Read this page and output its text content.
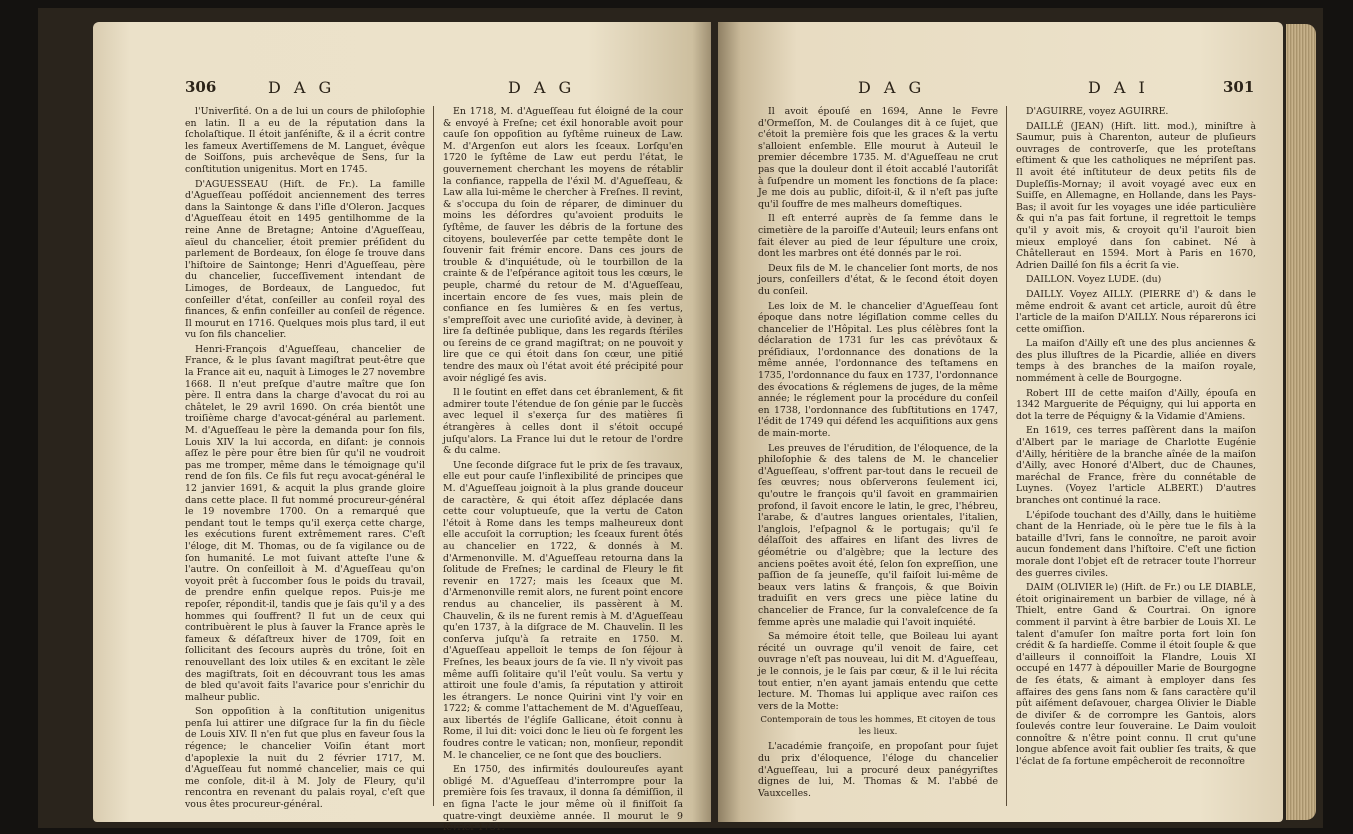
306	D A G	D A G

l'Univerſité. On a de lui un cours de philoſophie en latin. Il a eu de la réputation dans la ſcholaſtique. Il étoit janſéniſte, & il a écrit contre les fameux Avertiſſemens de M. Languet, évêque de Soiſſons, puis archevêque de Sens, ſur la conſtitution unigenitus. Mort en 1745.

D'AGUESSEAU (Hiſt. de Fr.). La famille d'Agueſſeau poſſédoit anciennement des terres dans la Saintonge & dans l'iſle d'Oleron. Jacques d'Agueſſeau étoit en 1495 gentilhomme de la reine Anne de Bretagne; Antoine d'Agueſſeau, aïeul du chancelier, étoit premier préſident du parlement de Bordeaux, ſon éloge ſe trouve dans l'hiſtoire de Saintonge; Henri d'Agueſſeau, père du chancelier, ſucceſſivement intendant de Limoges, de Bordeaux, de Languedoc, fut conſeiller d'état, conſeiller au conſeil royal des finances, & enfin conſeiller au conſeil de régence. Il mourut en 1716. Quelques mois plus tard, il eut vu ſon fils chancelier.

Henri-François d'Agueſſeau, chancelier de France, & le plus ſavant magiſtrat peut-être que la France ait eu, naquit à Limoges le 27 novembre 1668. Il n'eut preſque d'autre maître que ſon père. Il entra dans la charge d'avocat du roi au châtelet, le 29 avril 1690. On créa bientôt une troiſième charge d'avocat-général au parlement. M. d'Agueſſeau le père la demanda pour ſon fils, Louis XIV la lui accorda, en diſant: je connois aſſez le père pour être bien ſûr qu'il ne voudroit pas me tromper, même dans le témoignage qu'il rend de ſon fils. Ce fils fut reçu avocat-général le 12 janvier 1691, & acquit la plus grande gloire dans cette place. Il fut nommé procureur-général le 19 novembre 1700. On a remarqué que pendant tout le temps qu'il exerça cette charge, les exécutions furent extrêmement rares. C'eſt l'éloge, dit M. Thomas, ou de ſa vigilance ou de ſon humanité. Le mot ſuivant atteſte l'une & l'autre. On conſeilloit à M. d'Agueſſeau qu'on voyoit prêt à ſuccomber ſous le poids du travail, de prendre enfin quelque repos. Puis-je me repoſer, répondit-il, tandis que je ſais qu'il y a des hommes qui ſouffrent? Il fut un de ceux qui contribuèrent le plus à ſauver la France après le fameux & déſaſtreux hiver de 1709, ſoit en ſollicitant des ſecours auprès du trône, ſoit en renouvellant des loix utiles & en excitant le zèle des magiſtrats, ſoit en découvrant tous les amas de bled qu'avoit faits l'avarice pour s'enrichir du malheur public.

Son oppoſition à la conſtitution unigenitus penſa lui attirer une diſgrace ſur la fin du ſiècle de Louis XIV. Il n'en fut que plus en faveur ſous la régence; le chancelier Voiſin étant mort d'apoplexie la nuit du 2 février 1717, M. d'Agueſſeau fut nommé chancelier, mais ce qui me conſole, dit-il à M. Joly de Fleury, qu'il rencontra en revenant du palais royal, c'eſt que vous êtes procureur-général.

En 1718, M. d'Agueſſeau fut éloigné de la cour & envoyé à Freſne; cet éxil honorable avoit pour cauſe ſon oppoſition au ſyſtême ruineux de Law. M. d'Argenſon eut alors les ſceaux. Lorſqu'en 1720 le ſyſtême de Law eut perdu l'état, le gouvernement cherchant les moyens de rétablir la confiance, rappella de l'éxil M. d'Agueſſeau, & Law alla lui-même le chercher à Freſnes. Il revint, & s'occupa du ſoin de réparer, de diminuer du moins les déſordres qu'avoient produits le ſyſtême, de ſauver les débris de la fortune des citoyens, bouleverſée par cette tempête dont le ſouvenir fait frémir encore. Dans ces jours de trouble & d'inquiétude, où le tourbillon de la crainte & de l'eſpérance agitoit tous les cœurs, le peuple, charmé du retour de M. d'Agueſſeau, incertain encore de ſes vues, mais plein de confiance en ſes lumières & en ſes vertus, s'empreſſoit avec une curioſité avide, à deviner, à lire ſa deſtinée publique, dans les regards ſtériles ou ſereins de ce grand magiſtrat; on ne pouvoit y lire que ce qui étoit dans ſon cœur, une pitié tendre des maux où l'état avoit été précipité pour avoir négligé ſes avis.

Il le ſoutint en effet dans cet ébranlement, & fit admirer toute l'étendue de ſon génie par le ſuccès avec lequel il s'exerça ſur des matières ſi étrangères à celles dont il s'étoit occupé juſqu'alors. La France lui dut le retour de l'ordre & du calme.

Une ſeconde diſgrace fut le prix de ſes travaux, elle eut pour cauſe l'inflexibilité de principes que M. d'Agueſſeau joignoit à la plus grande douceur de caractère, & qui étoit aſſez déplacée dans cette cour voluptueuſe, que la vertu de Caton l'étoit à Rome dans les temps malheureux dont elle accuſoit la corruption; les ſceaux furent ôtés au chancelier en 1722, & donnés à M. d'Armenonville. M. d'Agueſſeau retourna dans la ſolitude de Freſnes; le cardinal de Fleury le fit revenir en 1727; mais les ſceaux que M. d'Armenonville remit alors, ne furent point encore rendus au chancelier, ils passèrent à M. Chauvelin, & ils ne furent remis à M. d'Agueſſeau qu'en 1737, à la diſgrace de M. Chauvelin. Il les conſerva juſqu'à ſa retraite en 1750. M. d'Agueſſeau appelloit le temps de ſon ſéjour à Freſnes, les beaux jours de ſa vie. Il n'y vivoit pas même auſſi ſolitaire qu'il l'eût voulu. Sa vertu y attiroit une foule d'amis, ſa réputation y attiroit les étrangers. Le nonce Quirini vint l'y voir en 1722; & comme l'attachement de M. d'Agueſſeau, aux libertés de l'égliſe Gallicane, étoit connu à Rome, il lui dit: voici donc le lieu où ſe forgent les foudres contre le vatican; non, monſieur, repondit M. le chancelier, ce ne ſont que des boucliers.

En 1750, des infirmités douloureuſes ayant obligé M. d'Agueſſeau d'interrompre pour la première fois ſes travaux, il donna ſa démiſſion, il en ſigna l'acte le jour même où il finiſſoit ſa quatre-vingt deuxième année. Il mourut le 9 février 1751.

D A G	D A I	301

Il avoit épouſé en 1694, Anne le Fevre d'Ormeſſon, M. de Coulanges dit à ce ſujet, que c'étoit la première fois que les graces & la vertu s'alloient enſemble. Elle mourut à Auteuil le premier décembre 1735. M. d'Agueſſeau ne crut pas que la douleur dont il étoit accablé l'autoriſât à ſuſpendre un moment les fonctions de ſa place: Je me dois au public, diſoit-il, & il n'eſt pas juſte qu'il ſouffre de mes malheurs domeſtiques.

Il eſt enterré auprès de ſa femme dans le cimetière de la paroiſſe d'Auteuil; leurs enfans ont fait élever au pied de leur ſépulture une croix, dont les marbres ont été donnés par le roi.

Deux fils de M. le chancelier ſont morts, de nos jours, conſeillers d'état, & le ſecond étoit doyen du conſeil.

Les loix de M. le chancelier d'Agueſſeau ſont époque dans notre légiſlation comme celles du chancelier de l'Hôpital. Les plus célèbres ſont la déclaration de 1731 ſur les cas prévôtaux & préſidiaux, l'ordonnance des donations de la même année, l'ordonnance des teſtamens en 1735, l'ordonnance du faux en 1737, l'ordonnance des évocations & réglemens de juges, de la même année; le réglement pour la procédure du conſeil en 1738, l'ordonnance des ſubſtitutions en 1747, l'édit de 1749 qui défend les acquiſitions aux gens de main-morte.

Les preuves de l'érudition, de l'éloquence, de la philoſophie & des talens de M. le chancelier d'Agueſſeau, s'offrent par-tout dans le recueil de ſes œuvres; nous obſerverons ſeulement ici, qu'outre le françois qu'il ſavoit en grammairien profond, il ſavoit encore le latin, le grec, l'hébreu, l'arabe, & d'autres langues orientales, l'italien, l'anglois, l'eſpagnol & le portugais; qu'il ſe délaſſoit des affaires en liſant des livres de géométrie ou d'algèbre; que la lecture des anciens poëtes avoit été, ſelon ſon expreſſion, une paſſion de ſa jeuneſſe, qu'il faiſoit lui-même de beaux vers latins & françois, & que Boivin traduiſit en vers grecs une pièce latine du chancelier de France, ſur la convaleſcence de ſa femme après une maladie qui l'avoit inquiété.

Sa mémoire étoit telle, que Boileau lui ayant récité un ouvrage qu'il venoit de faire, cet ouvrage n'eſt pas nouveau, lui dit M. d'Agueſſeau, je le connois, je le ſais par cœur, & il le lui récita tout entier, n'en ayant jamais entendu que cette lecture. M. Thomas lui applique avec raiſon ces vers de la Motte:

Contemporain de tous les hommes, Et citoyen de tous les lieux.

L'académie françoiſe, en propoſant pour ſujet du prix d'éloquence, l'éloge du chancelier d'Agueſſeau, lui a procuré deux panégyriſtes dignes de lui, M. Thomas & M. l'abbé de Vauxcelles.

D'AGUIRRE, voyez AGUIRRE.

DAILLÉ (JEAN) (Hiſt. litt. mod.), miniſtre à Saumur, puis à Charenton, auteur de pluſieurs ouvrages de controverſe, que les proteſtans eſtiment & que les catholiques ne mépriſent pas. Il avoit été inſtituteur de deux petits fils de Dupleſſis-Mornay; il avoit voyagé avec eux en Suiſſe, en Allemagne, en Hollande, dans les Pays-Bas; il avoit ſur les voyages une idée particulière & qui n'a pas fait fortune, il regrettoit le temps qu'il y avoit mis, & croyoit qu'il l'auroit bien mieux employé dans ſon cabinet. Né à Châtelleraut en 1594. Mort à Paris en 1670, Adrien Daillé ſon fils a écrit ſa vie.

DAILLON. Voyez LUDE. (du)

DAILLY. Voyez AILLY. (PIERRE d') & dans le même endroit & avant cet article, auroit dû être l'article de la maiſon D'AILLY. Nous réparerons ici cette omiſſion.

La maiſon d'Ailly eſt une des plus anciennes & des plus illuſtres de la Picardie, alliée en divers temps à des branches de la maiſon royale, nommément à celle de Bourgogne.

Robert III de cette maiſon d'Ailly, épouſa en 1342 Marguerite de Péquigny, qui lui apporta en dot la terre de Péquigny & la Vidamie d'Amiens.

En 1619, ces terres paſſèrent dans la maiſon d'Albert par le mariage de Charlotte Eugénie d'Ailly, héritière de la branche aînée de la maiſon d'Ailly, avec Honoré d'Albert, duc de Chaunes, maréchal de France, frère du connétable de Luynes. (Voyez l'article ALBERT.) D'autres branches ont continué la race.

L'épiſode touchant des d'Ailly, dans le huitième chant de la Henriade, où le père tue le fils à la bataille d'Ivri, fans le connoître, ne paroit avoir aucun fondement dans l'hiſtoire. C'eſt une fiction morale dont l'objet eſt de retracer toute l'horreur des guerres civiles.

DAIM (OLIVIER le) (Hiſt. de Fr.) ou LE DIABLE, étoit originairement un barbier de village, né à Thielt, entre Gand & Courtrai. On ignore comment il parvint à être barbier de Louis XI. Le talent d'amuſer ſon maître porta fort loin ſon crédit & ſa hardieſſe. Comme il étoit ſouple & que d'ailleurs il connoiſſoit la Flandre, Louis XI occupé en 1477 à dépouiller Marie de Bourgogne de ſes états, & aimant à employer dans ſes affaires des gens ſans nom & ſans caractère qu'il pût aiſément deſavouer, chargea Olivier le Diable de diviſer & de corrompre les Gantois, alors ſoulevés contre leur ſouveraine. Le Daim vouloit connoître & n'être point connu. Il crut qu'une longue abſence avoit fait oublier ſes traits, & que l'éclat de ſa fortune empêcheroit de reconnoître
